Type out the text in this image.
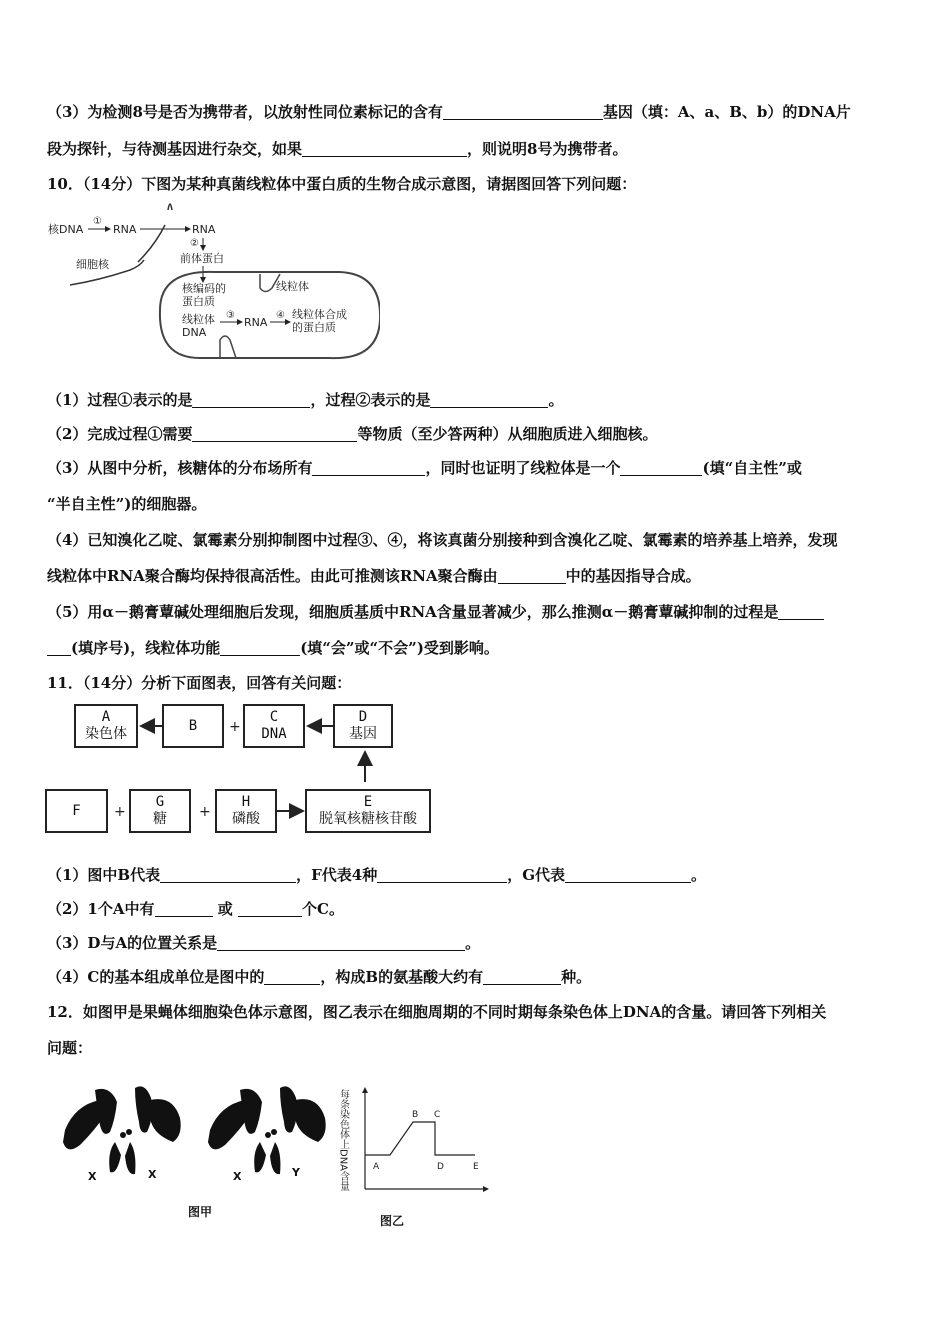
（3）为检测8号是否为携带者，以放射性同位素标记的含有	基因（填：A、a、B、b）的DNA片
段为探针，与待测基因进行杂交，如果	，则说明8号为携带者。
10．（14分）下图为某种真菌线粒体中蛋白质的生物合成示意图，请据图回答下列问题：
核DNA
①
RNA	RNA
细胞核
②
前体蛋白
线粒体
核编码的
蛋白质
线粒体
DNA
③
RNA
④ 线粒体合成
的蛋白质
（1）过程①表示的是	，过程②表示的是	。
（2）完成过程①需要	等物质（至少答两种）从细胞质进入细胞核。
（3）从图中分析，核糖体的分布场所有	，同时也证明了线粒体是一个	(填“自主性”或
“半自主性”)的细胞器。
（4）已知溴化乙啶、氯霉素分别抑制图中过程③、④，将该真菌分别接种到含溴化乙啶、氯霉素的培养基上培养，发现
线粒体中RNA聚合酶均保持很高活性。由此可推测该RNA聚合酶由	中的基因指导合成。
（5）用α－鹅膏蕈碱处理细胞后发现，细胞质基质中RNA含量显著减少，那么推测α－鹅膏蕈碱抑制的过程是
(填序号)，线粒体功能	(填“会”或“不会”)受到影响。
11．（14分）分析下面图表，回答有关问题：
A
染色体	B
C
DNA
D
基因
F
G
糖
H
磷酸
E
脱氧核糖核苷酸
+
+	+
（1）图中B代表	，F代表4种	，G代表	。
（2）1个A中有	或	个C。
（3）D与A的位置关系是	。
（4）C的基本组成单位是图中的	，构成B的氨基酸大约有	种。
12．如图甲是果蝇体细胞染色体示意图，图乙表示在细胞周期的不同时期每条染色体上DNA的含量。请回答下列相关
问题：
X	X	X	Y
图甲
每条染色体上DNA含量	A
B C
D	E
图乙
